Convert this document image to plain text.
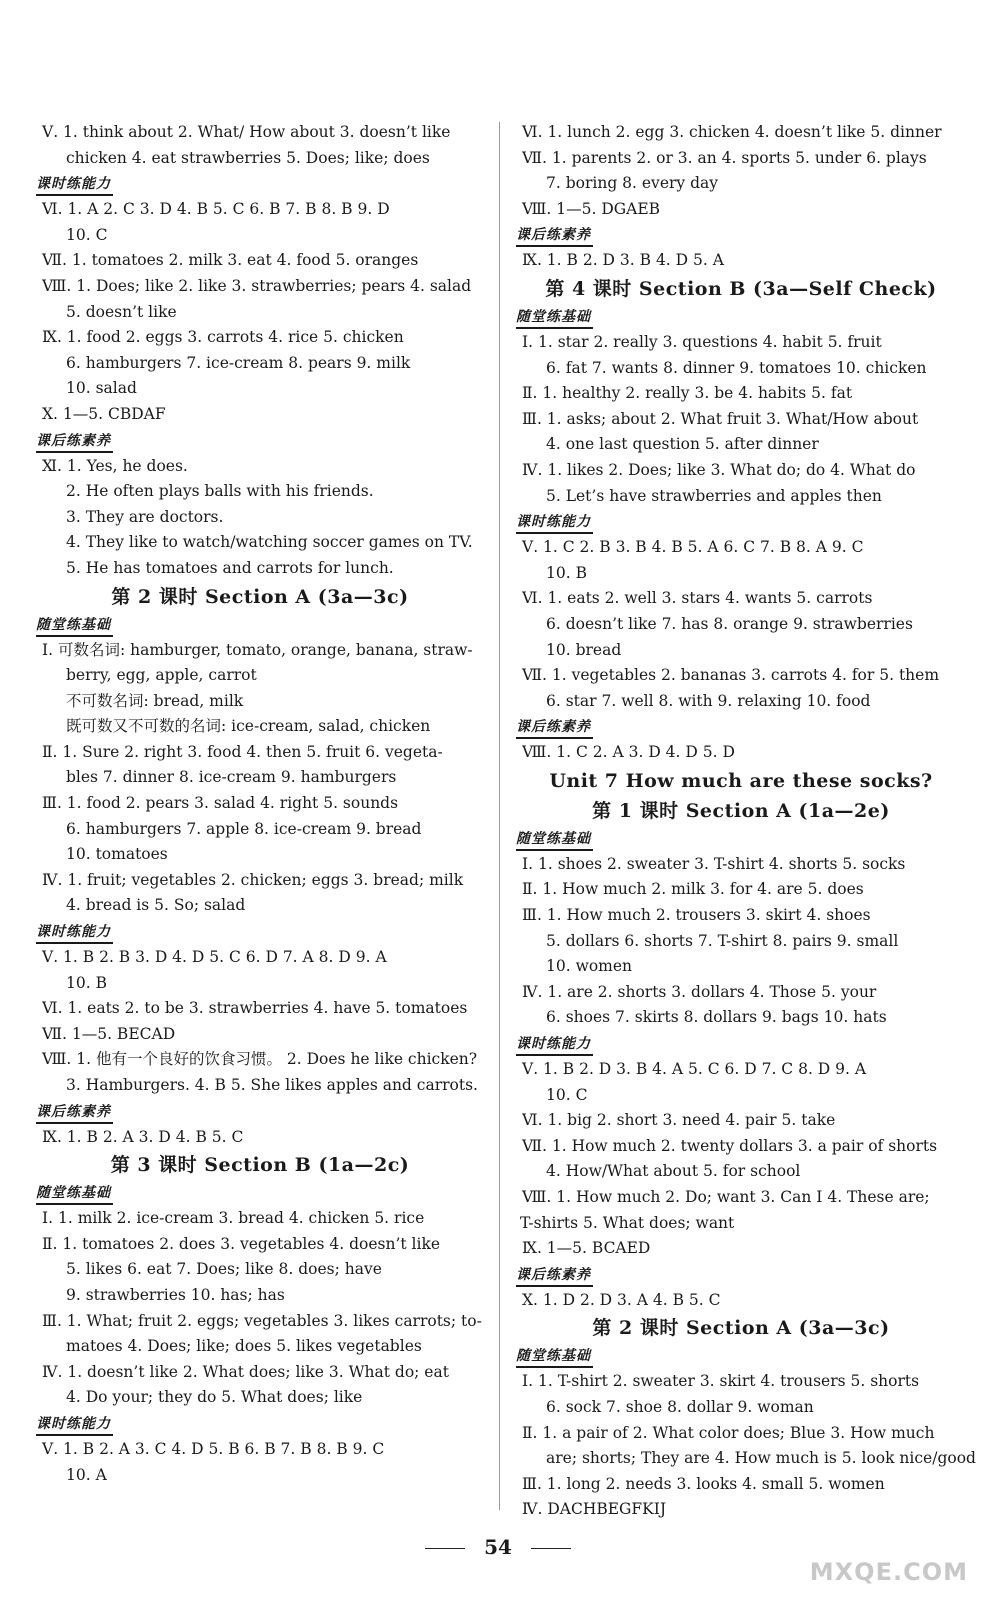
Ⅴ. 1. think about 2. What/ How about 3. doesn’t like
chicken 4. eat strawberries 5. Does; like; does
课时练能力
Ⅵ. 1. A 2. C 3. D 4. B 5. C 6. B 7. B 8. B 9. D
10. C
Ⅶ. 1. tomatoes 2. milk 3. eat 4. food 5. oranges
Ⅷ. 1. Does; like 2. like 3. strawberries; pears 4. salad
5. doesn’t like
Ⅸ. 1. food 2. eggs 3. carrots 4. rice 5. chicken
6. hamburgers 7. ice-cream 8. pears 9. milk
10. salad
Ⅹ. 1—5. CBDAF
课后练素养
Ⅺ. 1. Yes, he does.
2. He often plays balls with his friends.
3. They are doctors.
4. They like to watch/watching soccer games on TV.
5. He has tomatoes and carrots for lunch.
第 2 课时 Section A (3a—3c)
随堂练基础
Ⅰ. 可数名词: hamburger, tomato, orange, banana, straw-
berry, egg, apple, carrot
不可数名词: bread, milk
既可数又不可数的名词: ice-cream, salad, chicken
Ⅱ. 1. Sure 2. right 3. food 4. then 5. fruit 6. vegeta-
bles 7. dinner 8. ice-cream 9. hamburgers
Ⅲ. 1. food 2. pears 3. salad 4. right 5. sounds
6. hamburgers 7. apple 8. ice-cream 9. bread
10. tomatoes
Ⅳ. 1. fruit; vegetables 2. chicken; eggs 3. bread; milk
4. bread is 5. So; salad
课时练能力
Ⅴ. 1. B 2. B 3. D 4. D 5. C 6. D 7. A 8. D 9. A
10. B
Ⅵ. 1. eats 2. to be 3. strawberries 4. have 5. tomatoes
Ⅶ. 1—5. BECAD
Ⅷ. 1. 他有一个良好的饮食习惯。 2. Does he like chicken?
3. Hamburgers. 4. B 5. She likes apples and carrots.
课后练素养
Ⅸ. 1. B 2. A 3. D 4. B 5. C
第 3 课时 Section B (1a—2c)
随堂练基础
Ⅰ. 1. milk 2. ice-cream 3. bread 4. chicken 5. rice
Ⅱ. 1. tomatoes 2. does 3. vegetables 4. doesn’t like
5. likes 6. eat 7. Does; like 8. does; have
9. strawberries 10. has; has
Ⅲ. 1. What; fruit 2. eggs; vegetables 3. likes carrots; to-
matoes 4. Does; like; does 5. likes vegetables
Ⅳ. 1. doesn’t like 2. What does; like 3. What do; eat
4. Do your; they do 5. What does; like
课时练能力
Ⅴ. 1. B 2. A 3. C 4. D 5. B 6. B 7. B 8. B 9. C
10. A
Ⅵ. 1. lunch 2. egg 3. chicken 4. doesn’t like 5. dinner
Ⅶ. 1. parents 2. or 3. an 4. sports 5. under 6. plays
7. boring 8. every day
Ⅷ. 1—5. DGAEB
课后练素养
Ⅸ. 1. B 2. D 3. B 4. D 5. A
第 4 课时 Section B (3a—Self Check)
随堂练基础
Ⅰ. 1. star 2. really 3. questions 4. habit 5. fruit
6. fat 7. wants 8. dinner 9. tomatoes 10. chicken
Ⅱ. 1. healthy 2. really 3. be 4. habits 5. fat
Ⅲ. 1. asks; about 2. What fruit 3. What/How about
4. one last question 5. after dinner
Ⅳ. 1. likes 2. Does; like 3. What do; do 4. What do
5. Let’s have strawberries and apples then
课时练能力
Ⅴ. 1. C 2. B 3. B 4. B 5. A 6. C 7. B 8. A 9. C
10. B
Ⅵ. 1. eats 2. well 3. stars 4. wants 5. carrots
6. doesn’t like 7. has 8. orange 9. strawberries
10. bread
Ⅶ. 1. vegetables 2. bananas 3. carrots 4. for 5. them
6. star 7. well 8. with 9. relaxing 10. food
课后练素养
Ⅷ. 1. C 2. A 3. D 4. D 5. D
Unit 7 How much are these socks?
第 1 课时 Section A (1a—2e)
随堂练基础
Ⅰ. 1. shoes 2. sweater 3. T-shirt 4. shorts 5. socks
Ⅱ. 1. How much 2. milk 3. for 4. are 5. does
Ⅲ. 1. How much 2. trousers 3. skirt 4. shoes
5. dollars 6. shorts 7. T-shirt 8. pairs 9. small
10. women
Ⅳ. 1. are 2. shorts 3. dollars 4. Those 5. your
6. shoes 7. skirts 8. dollars 9. bags 10. hats
课时练能力
Ⅴ. 1. B 2. D 3. B 4. A 5. C 6. D 7. C 8. D 9. A
10. C
Ⅵ. 1. big 2. short 3. need 4. pair 5. take
Ⅶ. 1. How much 2. twenty dollars 3. a pair of shorts
4. How/What about 5. for school
Ⅷ. 1. How much 2. Do; want 3. Can I 4. These are;
T-shirts 5. What does; want
Ⅸ. 1—5. BCAED
课后练素养
Ⅹ. 1. D 2. D 3. A 4. B 5. C
第 2 课时 Section A (3a—3c)
随堂练基础
Ⅰ. 1. T-shirt 2. sweater 3. skirt 4. trousers 5. shorts
6. sock 7. shoe 8. dollar 9. woman
Ⅱ. 1. a pair of 2. What color does; Blue 3. How much
are; shorts; They are 4. How much is 5. look nice/good
Ⅲ. 1. long 2. needs 3. looks 4. small 5. women
Ⅳ. DACHBEGFKIJ
54
MXQE.COM
